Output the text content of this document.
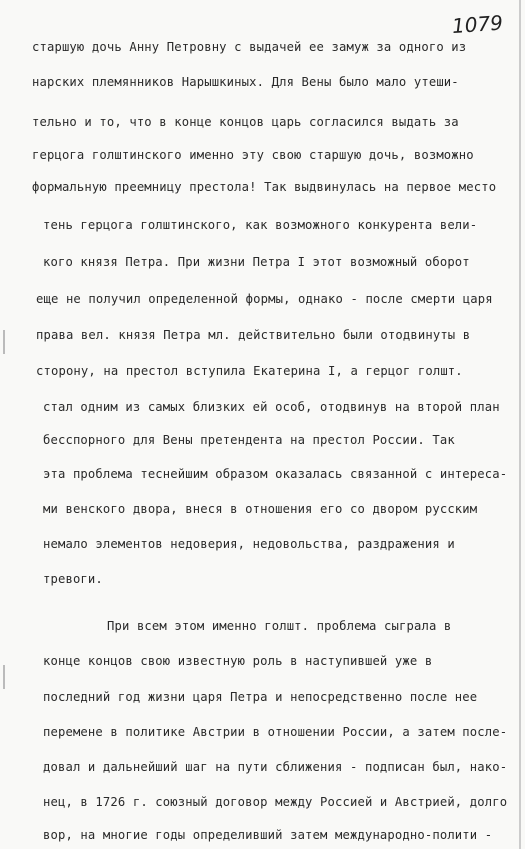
1079
старшую дочь Анну Петровну с выдачей ее замуж за одного из
нарских племянников Нарышкиных. Для Вены было мало утеши-
тельно и то, что в конце концов царь согласился выдать за
герцога голштинского именно эту свою старшую дочь, возможно
формальную преемницу престола! Так выдвинулась на первое место
тень герцога голштинского, как возможного конкурента вели-
кого князя Петра. При жизни Петра I этот возможный оборот
еще не получил определенной формы, однако - после смерти царя
права вел. князя Петра мл. действительно были отодвинуты в
сторону, на престол вступила Екатерина I, а герцог голшт.
стал одним из самых близких ей особ, отодвинув на второй план
бесспорного для Вены претендента на престол России. Так
эта проблема теснейшим образом оказалась связанной с интереса-
ми венского двора, внеся в отношения его со двором русским
немало элементов недоверия, недовольства, раздражения и
тревоги.
При всем этом именно голшт. проблема сыграла в
конце концов свою известную роль в наступившей уже в
последний год жизни царя Петра и непосредственно после нее
перемене в политике Австрии в отношении России, а затем после-
довал и дальнейший шаг на пути сближения - подписан был, нако-
нец, в 1726 г. союзный договор между Россией и Австрией, долго
вор, на многие годы определивший затем международно-полити -
